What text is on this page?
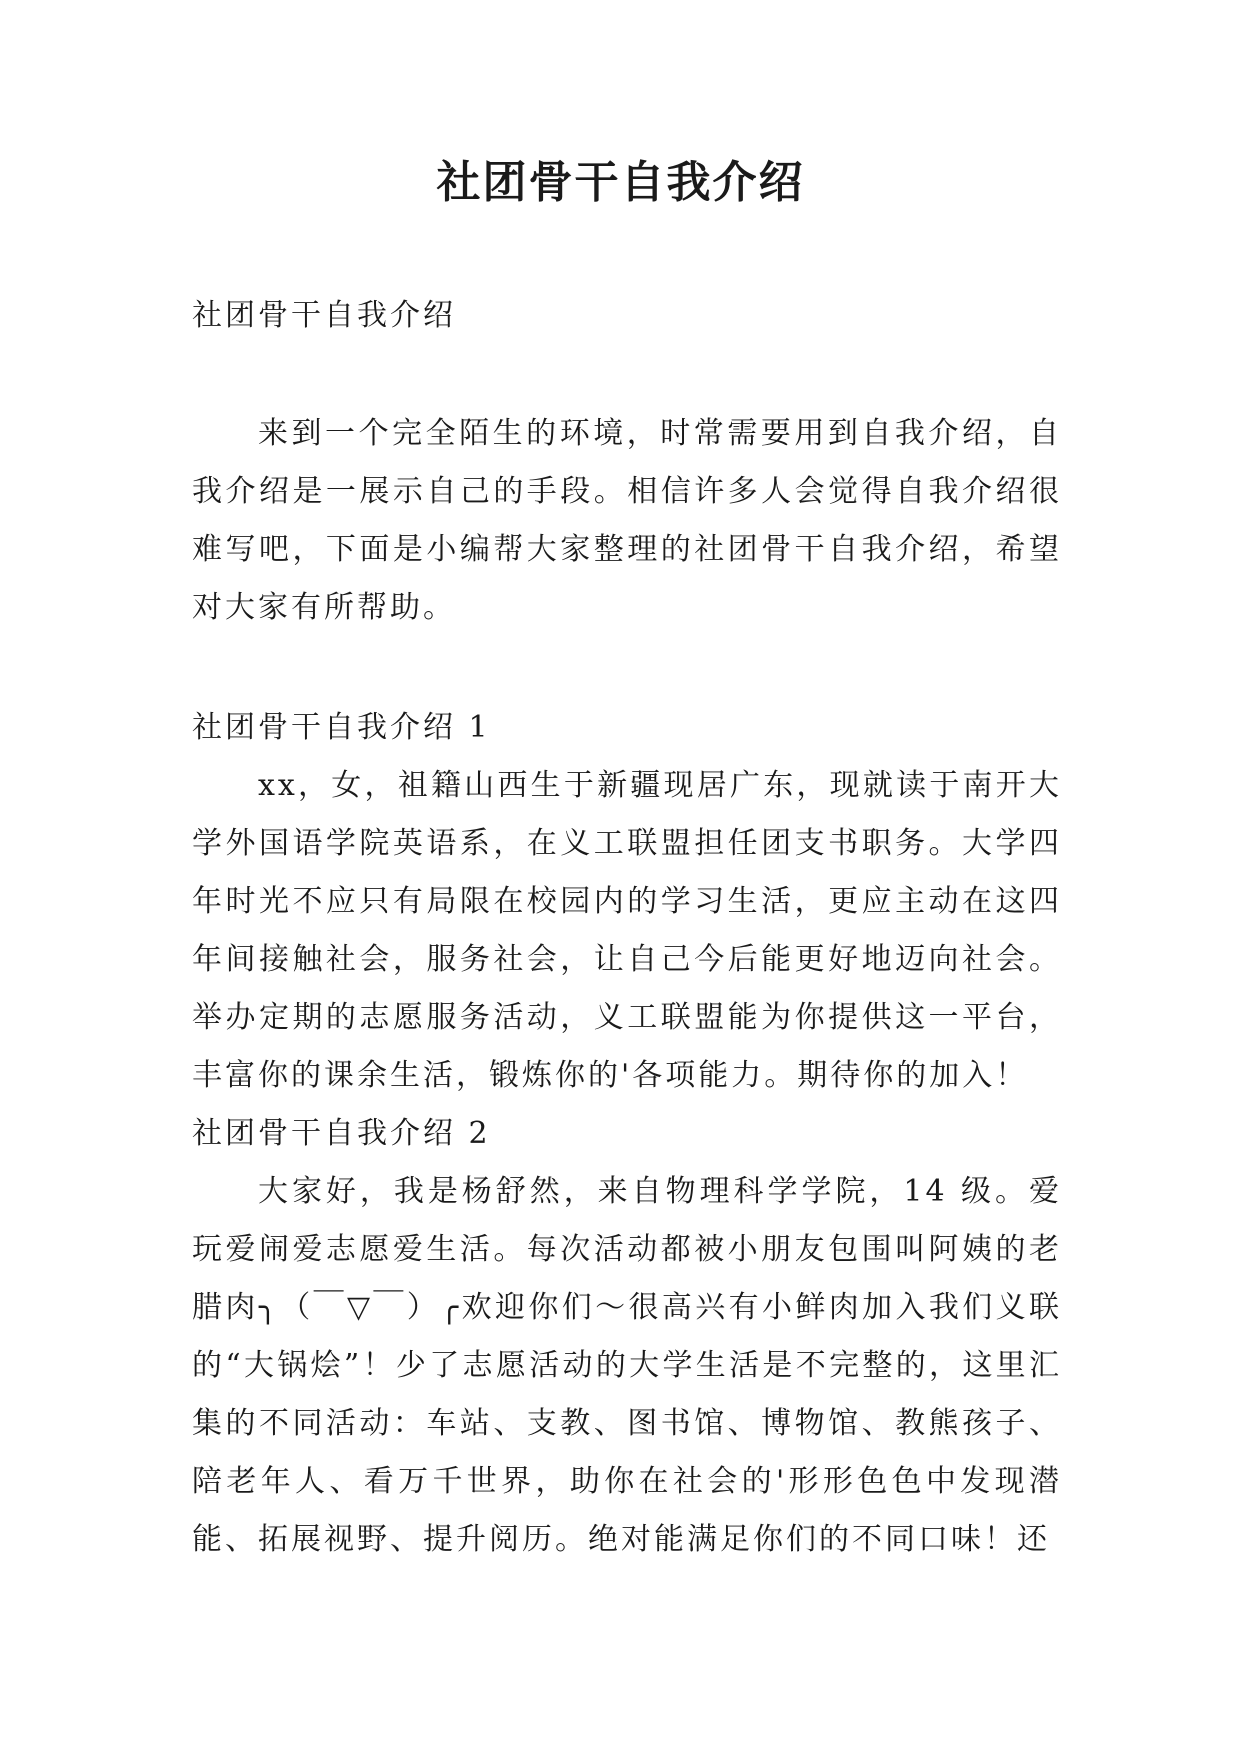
社团骨干自我介绍

社团骨干自我介绍

来到一个完全陌生的环境，时常需要用到自我介绍，自我介绍是一展示自己的手段。相信许多人会觉得自我介绍很难写吧，下面是小编帮大家整理的社团骨干自我介绍，希望对大家有所帮助。

社团骨干自我介绍 1

xx，女，祖籍山西生于新疆现居广东，现就读于南开大学外国语学院英语系，在义工联盟担任团支书职务。大学四年时光不应只有局限在校园内的学习生活，更应主动在这四年间接触社会，服务社会，让自己今后能更好地迈向社会。举办定期的志愿服务活动，义工联盟能为你提供这一平台，丰富你的课余生活，锻炼你的'各项能力。期待你的加入！

社团骨干自我介绍 2

大家好，我是杨舒然，来自物理科学学院，14 级。爱玩爱闹爱志愿爱生活。每次活动都被小朋友包围叫阿姨的老腊肉╮（￣▽￣）╭欢迎你们～很高兴有小鲜肉加入我们义联的“大锅烩”！少了志愿活动的大学生活是不完整的，这里汇集的不同活动：车站、支教、图书馆、博物馆、教熊孩子、陪老年人、看万千世界，助你在社会的'形形色色中发现潜能、拓展视野、提升阅历。绝对能满足你们的不同口味！还
